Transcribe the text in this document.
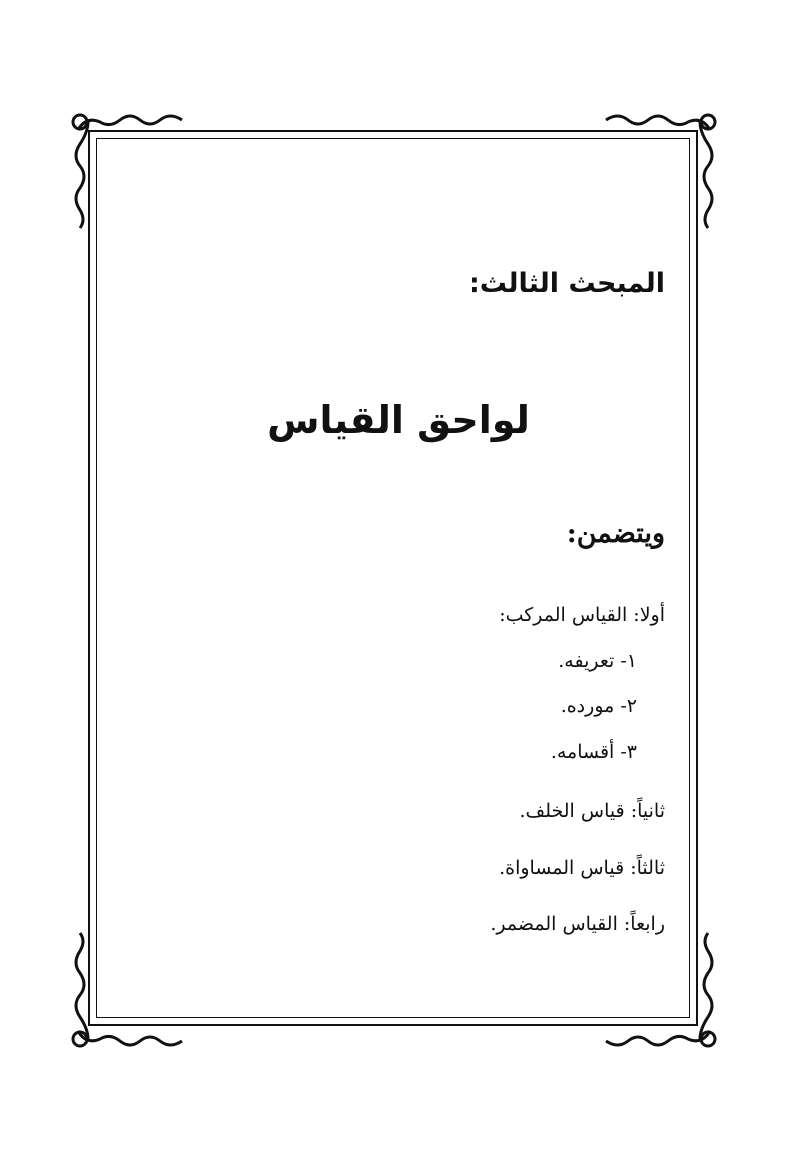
المبحث الثالث:
لواحق القياس
ويتضمن:
أولا: القياس المركب:
١- تعريفه.
٢- مورده.
٣- أقسامه.
ثانياً: قياس الخلف.
ثالثاً: قياس المساواة.
رابعاً: القياس المضمر.
